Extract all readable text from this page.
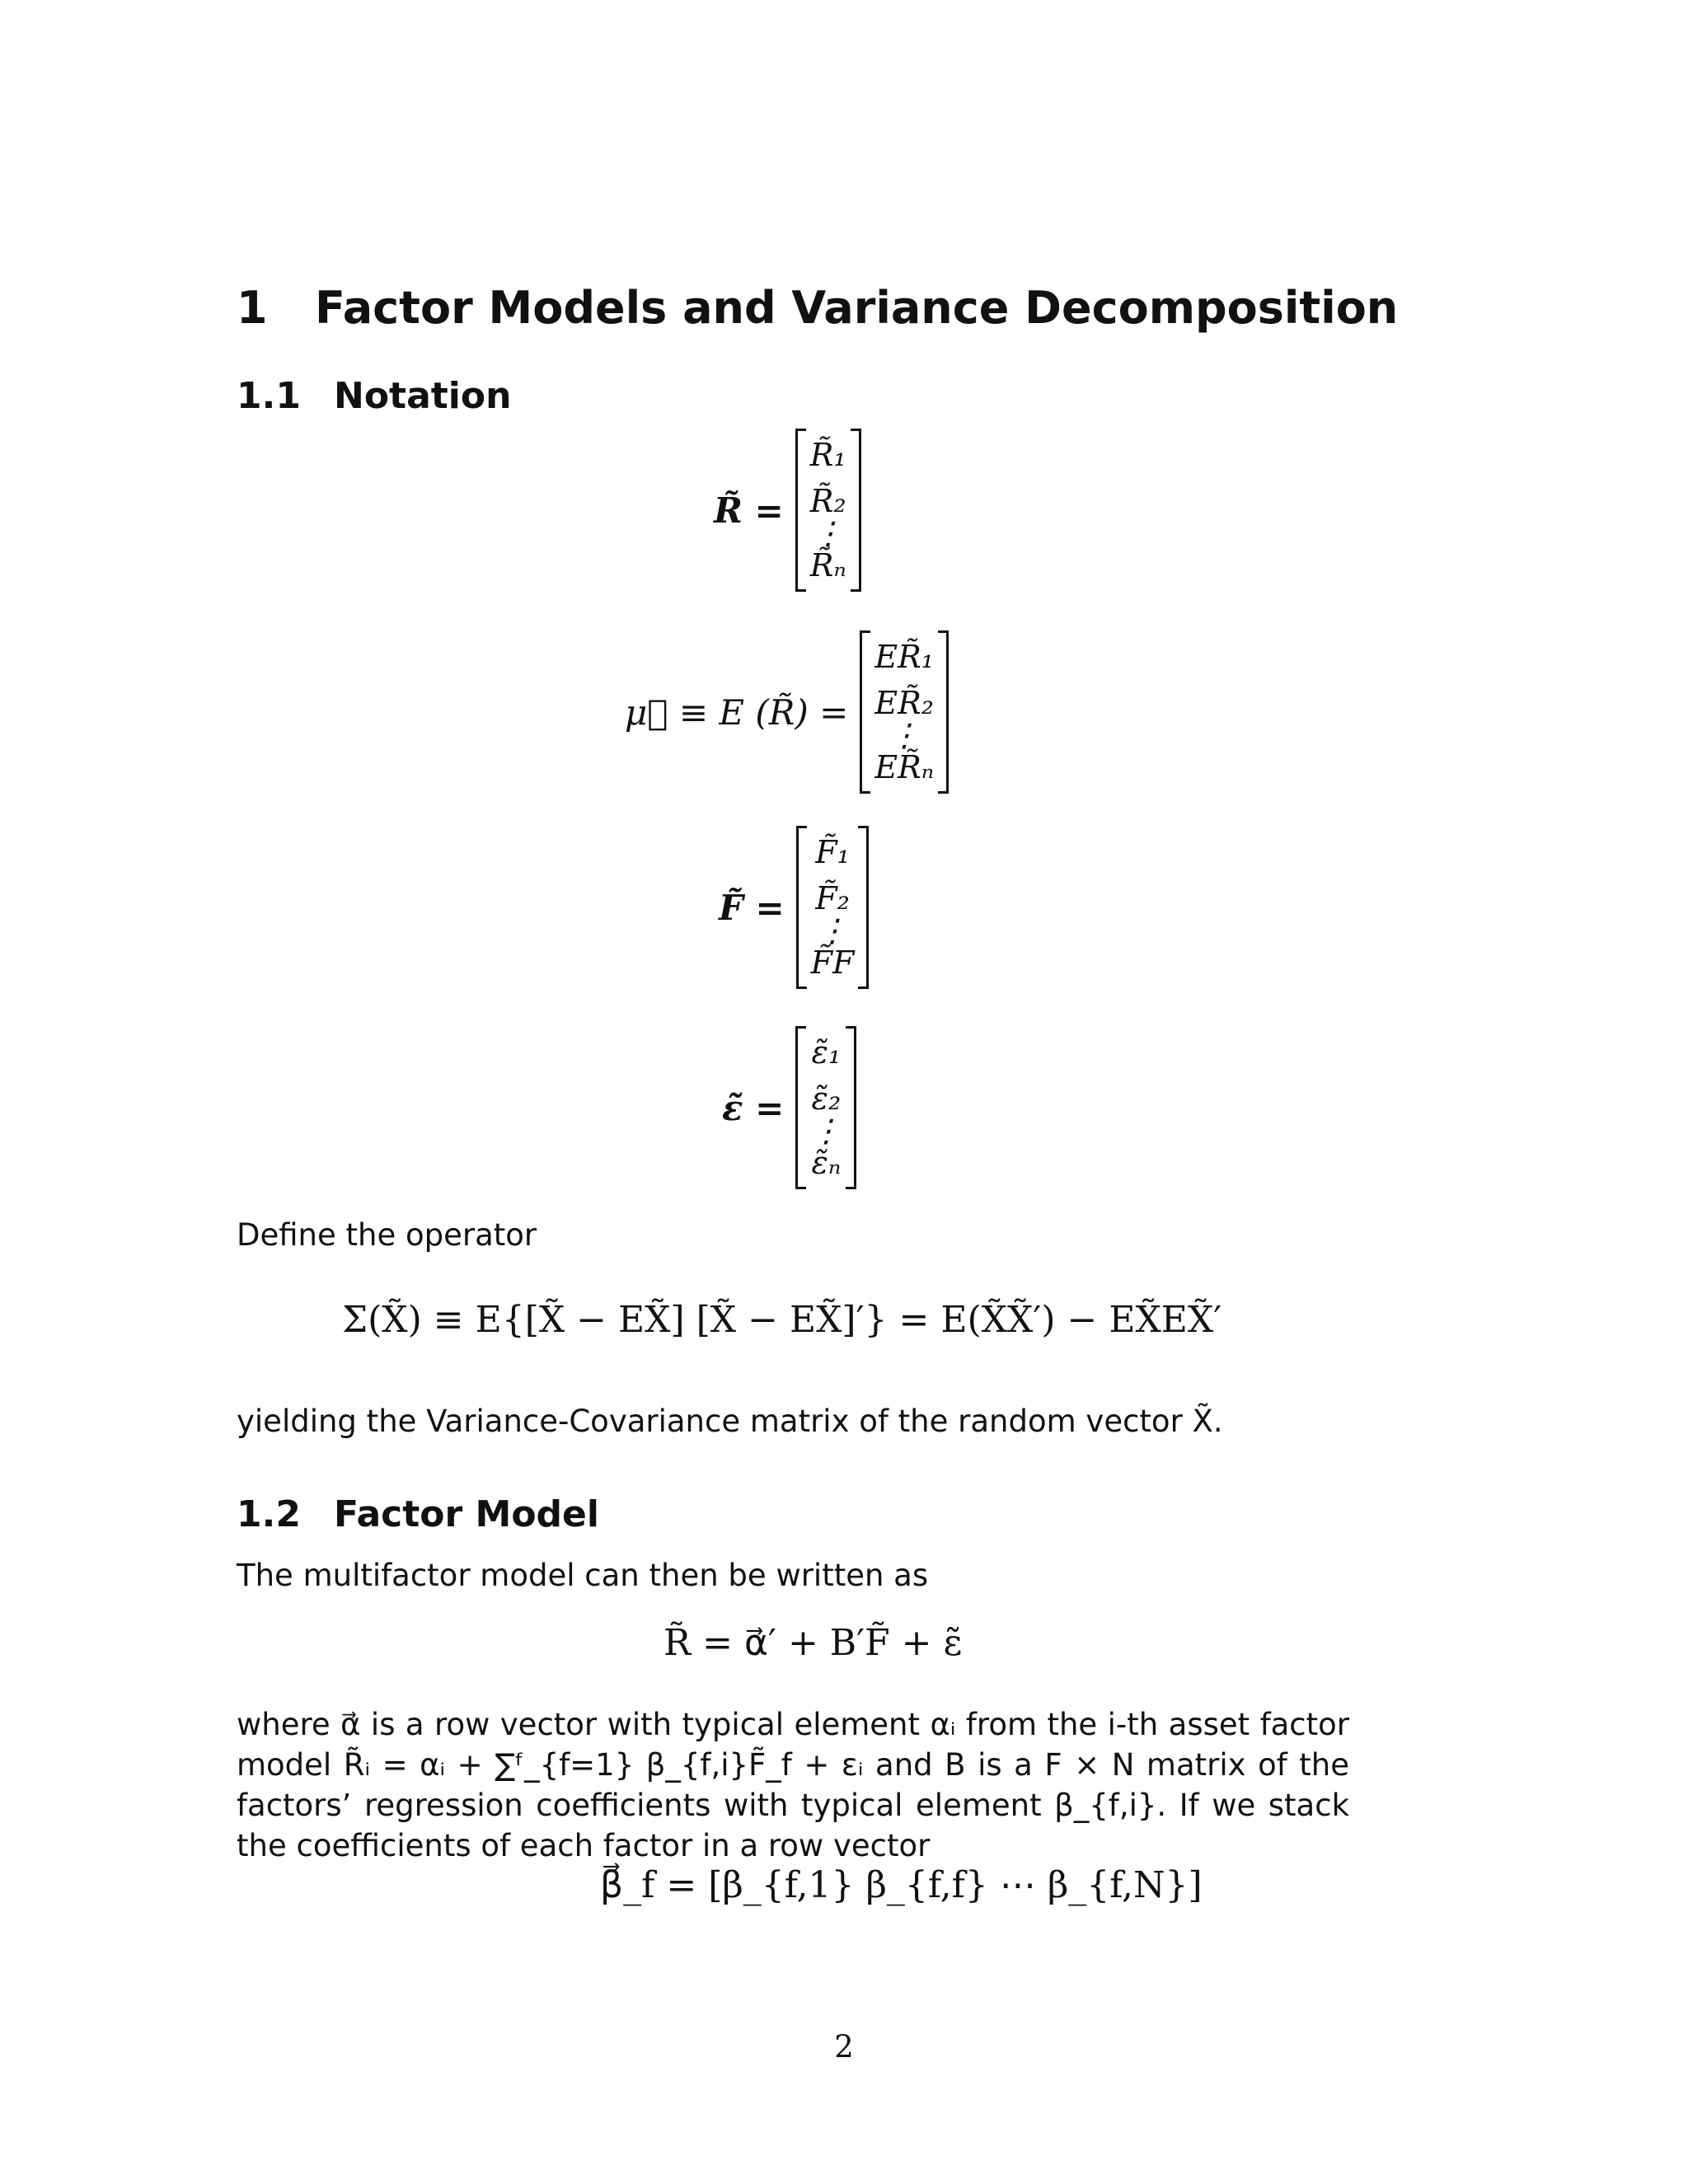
1 Factor Models and Variance Decomposition
1.1 Notation
R̃ =
R̃₁
R̃₂
⋮
R̃ₙ
μ⃗ ≡ E (R̃) =
ER̃₁
ER̃₂
⋮
ER̃ₙ
F̃ =
F̃₁
F̃₂
⋮
F̃F
ε̃ =
ε̃₁
ε̃₂
⋮
ε̃ₙ
Define the operator
Σ(X̃) ≡ E{[X̃ − EX̃] [X̃ − EX̃]′} = E(X̃X̃′) − EX̃EX̃′
yielding the Variance-Covariance matrix of the random vector X̃.
1.2 Factor Model
The multifactor model can then be written as
R̃ = α⃗′ + B′F̃ + ε̃
where α⃗ is a row vector with typical element αᵢ from the i-th asset factor model R̃ᵢ = αᵢ + ∑ᶠ_{f=1} β_{f,i}F̃_f + εᵢ and B is a F × N matrix of the factors’ regression coefficients with typical element β_{f,i}. If we stack the coefficients of each factor in a row vector
β⃗_f = [β_{f,1} β_{f,f} ⋯ β_{f,N}]
2
